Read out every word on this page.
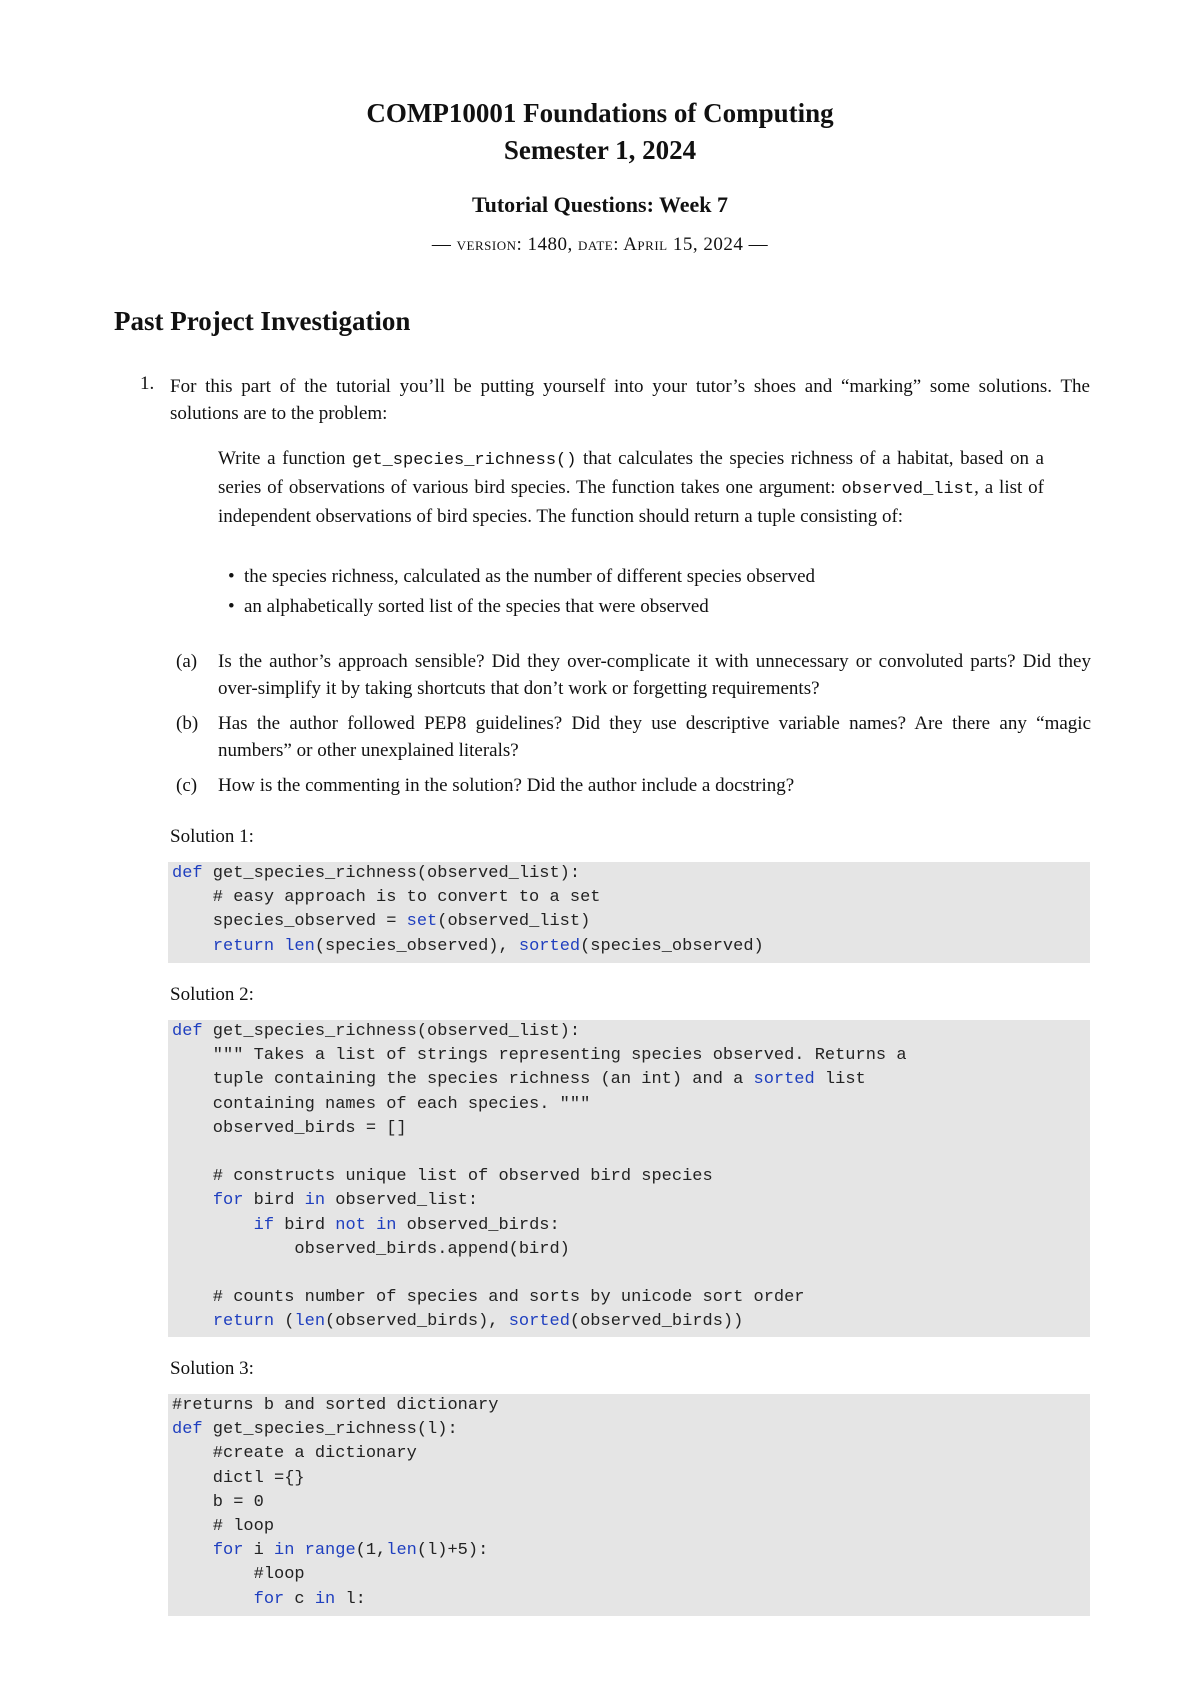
COMP10001 Foundations of Computing
Semester 1, 2024
Tutorial Questions: Week 7
— version: 1480, date: April 15, 2024 —
Past Project Investigation
1. For this part of the tutorial you’ll be putting yourself into your tutor’s shoes and “marking” some solutions. The solutions are to the problem:
Write a function get_species_richness() that calculates the species richness of a habitat, based on a series of observations of various bird species. The function takes one argument: observed_list, a list of independent observations of bird species. The function should return a tuple consisting of:
• the species richness, calculated as the number of different species observed
• an alphabetically sorted list of the species that were observed
(a) Is the author’s approach sensible? Did they over-complicate it with unnecessary or convoluted parts? Did they over-simplify it by taking shortcuts that don’t work or forgetting requirements?
(b) Has the author followed PEP8 guidelines? Did they use descriptive variable names? Are there any “magic numbers” or other unexplained literals?
(c) How is the commenting in the solution? Did the author include a docstring?
Solution 1:
def get_species_richness(observed_list):
# easy approach is to convert to a set
species_observed = set(observed_list)
return len(species_observed), sorted(species_observed)
Solution 2:
def get_species_richness(observed_list):
""" Takes a list of strings representing species observed. Returns a
tuple containing the species richness (an int) and a sorted list
containing names of each species. """
observed_birds = []

# constructs unique list of observed bird species
for bird in observed_list:
if bird not in observed_birds:
observed_birds.append(bird)

# counts number of species and sorts by unicode sort order
return (len(observed_birds), sorted(observed_birds))
Solution 3:
#returns b and sorted dictionary
def get_species_richness(l):
#create a dictionary
dictl ={}
b = 0
# loop
for i in range(1,len(l)+5):
#loop
for c in l:
